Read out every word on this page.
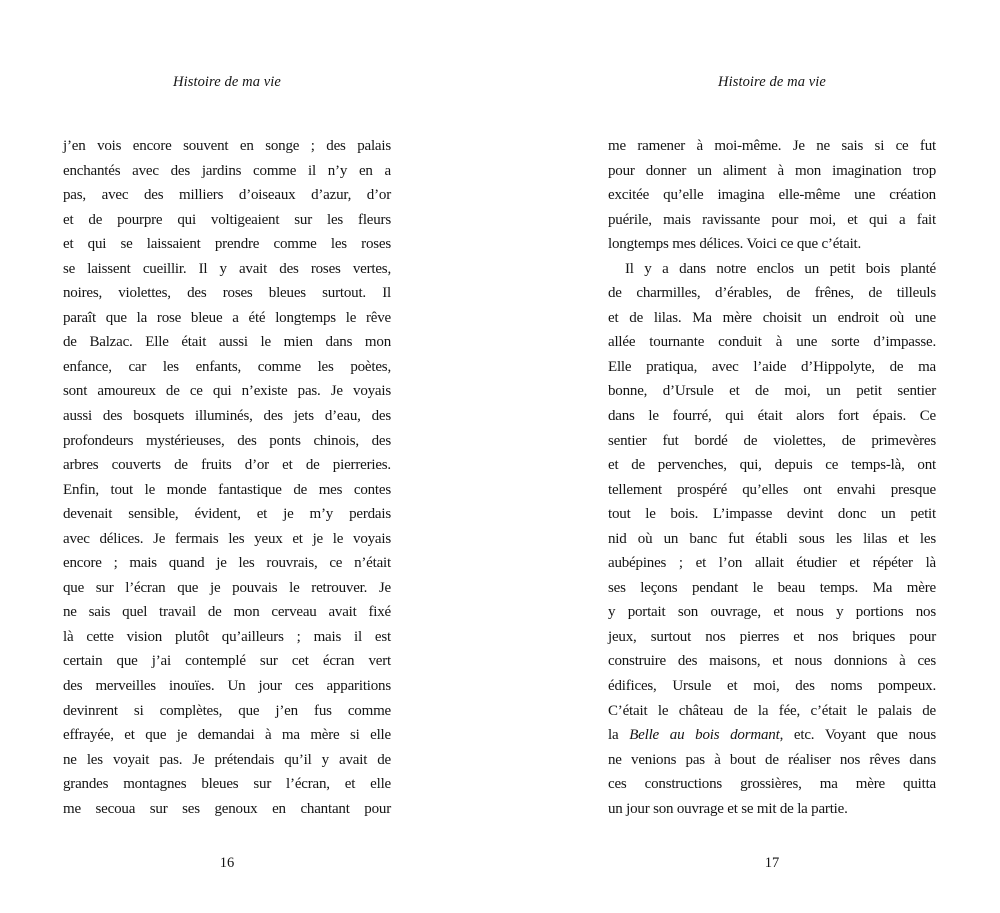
Histoire de ma vie
j’en vois encore souvent en songe ; des palais
enchantés avec des jardins comme il n’y en a
pas, avec des milliers d’oiseaux d’azur, d’or
et de pourpre qui voltigeaient sur les fleurs
et qui se laissaient prendre comme les roses
se laissent cueillir. Il y avait des roses vertes,
noires, violettes, des roses bleues surtout. Il
paraît que la rose bleue a été longtemps le rêve
de Balzac. Elle était aussi le mien dans mon
enfance, car les enfants, comme les poètes,
sont amoureux de ce qui n’existe pas. Je voyais
aussi des bosquets illuminés, des jets d’eau, des
profondeurs mystérieuses, des ponts chinois, des
arbres couverts de fruits d’or et de pierreries.
Enfin, tout le monde fantastique de mes contes
devenait sensible, évident, et je m’y perdais
avec délices. Je fermais les yeux et je le voyais
encore ; mais quand je les rouvrais, ce n’était
que sur l’écran que je pouvais le retrouver. Je
ne sais quel travail de mon cerveau avait fixé
là cette vision plutôt qu’ailleurs ; mais il est
certain que j’ai contemplé sur cet écran vert
des merveilles inouïes. Un jour ces apparitions
devinrent si complètes, que j’en fus comme
effrayée, et que je demandai à ma mère si elle
ne les voyait pas. Je prétendais qu’il y avait de
grandes montagnes bleues sur l’écran, et elle
me secoua sur ses genoux en chantant pour
16
Histoire de ma vie
me ramener à moi-même. Je ne sais si ce fut
pour donner un aliment à mon imagination trop
excitée qu’elle imagina elle-même une création
puérile, mais ravissante pour moi, et qui a fait
longtemps mes délices. Voici ce que c’était.
Il y a dans notre enclos un petit bois planté
de charmilles, d’érables, de frênes, de tilleuls
et de lilas. Ma mère choisit un endroit où une
allée tournante conduit à une sorte d’impasse.
Elle pratiqua, avec l’aide d’Hippolyte, de ma
bonne, d’Ursule et de moi, un petit sentier
dans le fourré, qui était alors fort épais. Ce
sentier fut bordé de violettes, de primevères
et de pervenches, qui, depuis ce temps-là, ont
tellement prospéré qu’elles ont envahi presque
tout le bois. L’impasse devint donc un petit
nid où un banc fut établi sous les lilas et les
aubépines ; et l’on allait étudier et répéter là
ses leçons pendant le beau temps. Ma mère
y portait son ouvrage, et nous y portions nos
jeux, surtout nos pierres et nos briques pour
construire des maisons, et nous donnions à ces
édifices, Ursule et moi, des noms pompeux.
C’était le château de la fée, c’était le palais de
la Belle au bois dormant, etc. Voyant que nous
ne venions pas à bout de réaliser nos rêves dans
ces constructions grossières, ma mère quitta
un jour son ouvrage et se mit de la partie.
17
